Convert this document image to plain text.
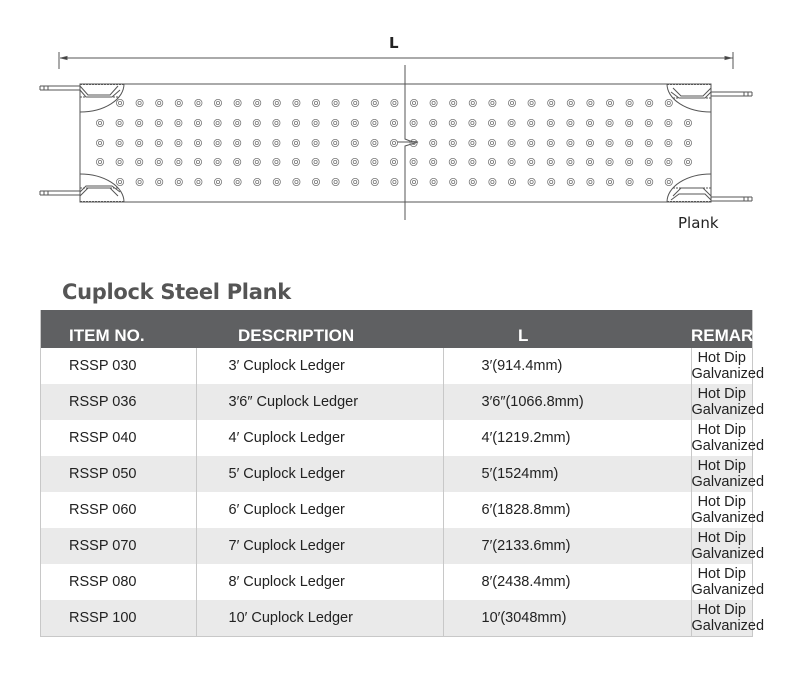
L
Plank
Cuplock Steel Plank
ITEM NO.	DESCRIPTION	L	REMARKS
RSSP 030	3′ Cuplock Ledger	3′(914.4mm)	Hot Dip Galvanized
RSSP 036	3′6″ Cuplock Ledger	3′6″(1066.8mm)	Hot Dip Galvanized
RSSP 040	4′ Cuplock Ledger	4′(1219.2mm)	Hot Dip Galvanized
RSSP 050	5′ Cuplock Ledger	5′(1524mm)	Hot Dip Galvanized
RSSP 060	6′ Cuplock Ledger	6′(1828.8mm)	Hot Dip Galvanized
RSSP 070	7′ Cuplock Ledger	7′(2133.6mm)	Hot Dip Galvanized
RSSP 080	8′ Cuplock Ledger	8′(2438.4mm)	Hot Dip Galvanized
RSSP 100	10′ Cuplock Ledger	10′(3048mm)	Hot Dip Galvanized
